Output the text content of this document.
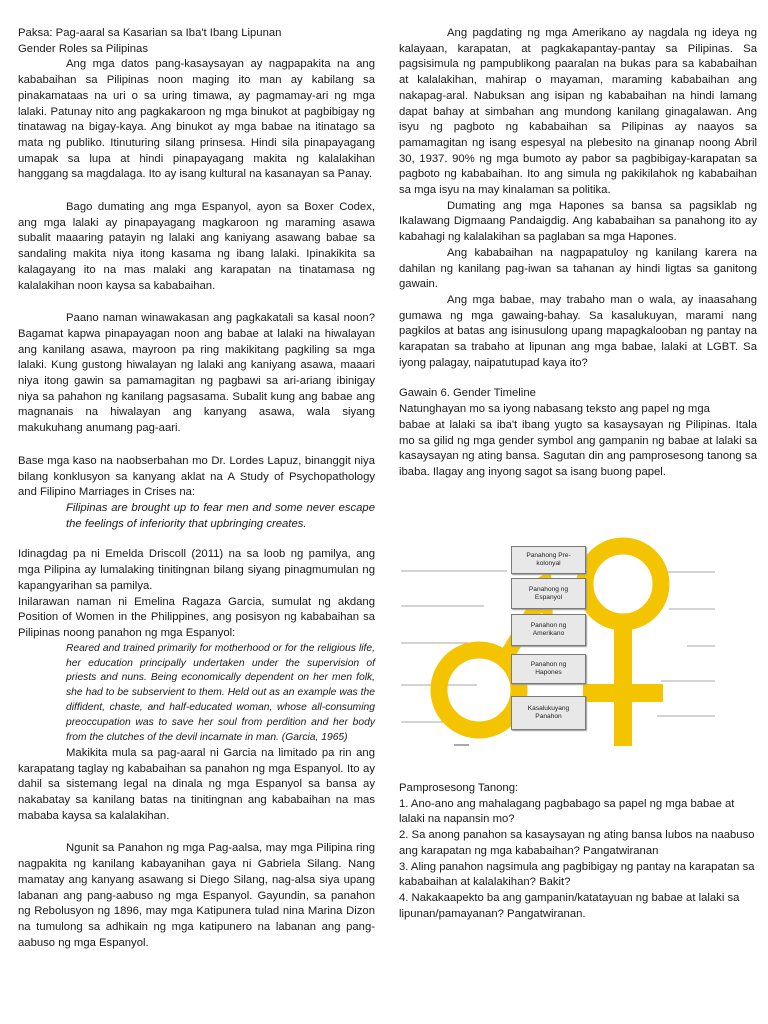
Paksa: Pag-aaral sa Kasarian sa Iba't Ibang Lipunan

Gender Roles sa Pilipinas

Ang mga datos pang-kasaysayan ay nagpapakita na ang kababaihan sa Pilipinas noon maging ito man ay kabilang sa pinakamataas na uri o sa uring timawa, ay pagmamay-ari ng mga lalaki. Patunay nito ang pagkakaroon ng mga binukot at pagbibigay ng tinatawag na bigay-kaya. Ang binukot ay mga babae na itinatago sa mata ng publiko. Itinuturing silang prinsesa. Hindi sila pinapayagang umapak sa lupa at hindi pinapayagang makita ng kalalakihan hanggang sa magdalaga. Ito ay isang kultural na kasanayan sa Panay.

Bago dumating ang mga Espanyol, ayon sa Boxer Codex, ang mga lalaki ay pinapayagang magkaroon ng maraming asawa subalit maaaring patayin ng lalaki ang kaniyang asawang babae sa sandaling makita niya itong kasama ng ibang lalaki. Ipinakikita sa kalagayang ito na mas malaki ang karapatan na tinatamasa ng kalalakihan noon kaysa sa kababaihan.

Paano naman winawakasan ang pagkakatali sa kasal noon? Bagamat kapwa pinapayagan noon ang babae at lalaki na hiwalayan ang kanilang asawa, mayroon pa ring makikitang pagkiling sa mga lalaki. Kung gustong hiwalayan ng lalaki ang kaniyang asawa, maaari niya itong gawin sa pamamagitan ng pagbawi sa ari-ariang ibinigay niya sa pahahon ng kanilang pagsasama. Subalit kung ang babae ang magnanais na hiwalayan ang kanyang asawa, wala siyang makukuhang anumang pag-aari.

Base mga kaso na naobserbahan mo Dr. Lordes Lapuz, binanggit niya bilang konklusyon sa kanyang aklat na A Study of Psychopathology and Filipino Marriages in Crises na:

Filipinas are brought up to fear men and some never escape the feelings of inferiority that upbringing creates.

Idinagdag pa ni Emelda Driscoll (2011) na sa loob ng pamilya, ang mga Pilipina ay lumalaking tinitingnan bilang siyang pinagmumulan ng kapangyarihan sa pamilya.

Inilarawan naman ni Emelina Ragaza Garcia, sumulat ng akdang Position of Women in the Philippines, ang posisyon ng kababaihan sa Pilipinas noong panahon ng mga Espanyol:

Reared and trained primarily for motherhood or for the religious life, her education principally undertaken under the supervision of priests and nuns. Being economically dependent on her men folk, she had to be subservient to them. Held out as an example was the diffident, chaste, and half-educated woman, whose all-consuming preoccupation was to save her soul from perdition and her body from the clutches of the devil incarnate in man. (Garcia, 1965)

Makikita mula sa pag-aaral ni Garcia na limitado pa rin ang karapatang taglay ng kababaihan sa panahon ng mga Espanyol. Ito ay dahil sa sistemang legal na dinala ng mga Espanyol sa bansa ay nakabatay sa kanilang batas na tinitingnan ang kababaihan na mas mababa kaysa sa kalalakihan.

Ngunit sa Panahon ng mga Pag-aalsa, may mga Pilipina ring nagpakita ng kanilang kabayanihan gaya ni Gabriela Silang. Nang mamatay ang kanyang asawang si Diego Silang, nag-alsa siya upang labanan ang pang-aabuso ng mga Espanyol. Gayundin, sa panahon ng Rebolusyon ng 1896, may mga Katipunera tulad nina Marina Dizon na tumulong sa adhikain ng mga katipunero na labanan ang pang-aabuso ng mga Espanyol.

Ang pagdating ng mga Amerikano ay nagdala ng ideya ng kalayaan, karapatan, at pagkakapantay-pantay sa Pilipinas. Sa pagsisimula ng pampublikong paaralan na bukas para sa kababaihan at kalalakihan, mahirap o mayaman, maraming kababaihan ang nakapag-aral. Nabuksan ang isipan ng kababaihan na hindi lamang dapat bahay at simbahan ang mundong kanilang ginagalawan. Ang isyu ng pagboto ng kababaihan sa Pilipinas ay naayos sa pamamagitan ng isang espesyal na plebesito na ginanap noong Abril 30, 1937. 90% ng mga bumoto ay pabor sa pagbibigay-karapatan sa pagboto ng kababaihan. Ito ang simula ng pakikilahok ng kababaihan sa mga isyu na may kinalaman sa politika.

Dumating ang mga Hapones sa bansa sa pagsiklab ng Ikalawang Digmaang Pandaigdig. Ang kababaihan sa panahong ito ay kabahagi ng kalalakihan sa paglaban sa mga Hapones.

Ang kababaihan na nagpapatuloy ng kanilang karera na dahilan ng kanilang pag-iwan sa tahanan ay hindi ligtas sa ganitong gawain.

Ang mga babae, may trabaho man o wala, ay inaasahang gumawa ng mga gawaing-bahay. Sa kasalukuyan, marami nang pagkilos at batas ang isinusulong upang mapagkalooban ng pantay na karapatan sa trabaho at lipunan ang mga babae, lalaki at LGBT. Sa iyong palagay, naipatutupad kaya ito?

Gawain 6. Gender Timeline

Natunghayan mo sa iyong nabasang teksto ang papel ng mga

babae at lalaki sa iba't ibang yugto sa kasaysayan ng Pilipinas. Itala mo sa gilid ng mga gender symbol ang gampanin ng babae at lalaki sa kasaysayan ng ating bansa. Sagutan din ang pamprosesong tanong sa ibaba. Ilagay ang inyong sagot sa isang buong papel.

Panahong Pre-
kolonyal
Panahong ng
Espanyol
Panahon ng
Amerikano
Panahon ng
Hapones
Kasalukuyang
Panahon

Pamprosesong Tanong:

1. Ano-ano ang mahalagang pagbabago sa papel ng mga babae at lalaki na napansin mo?

2. Sa anong panahon sa kasaysayan ng ating bansa lubos na naabuso ang karapatan ng mga kababaihan? Pangatwiranan

3. Aling panahon nagsimula ang pagbibigay ng pantay na karapatan sa

kababaihan at kalalakihan? Bakit?

4. Nakakaapekto ba ang gampanin/katatayuan ng babae at lalaki sa lipunan/pamayanan? Pangatwiranan.
